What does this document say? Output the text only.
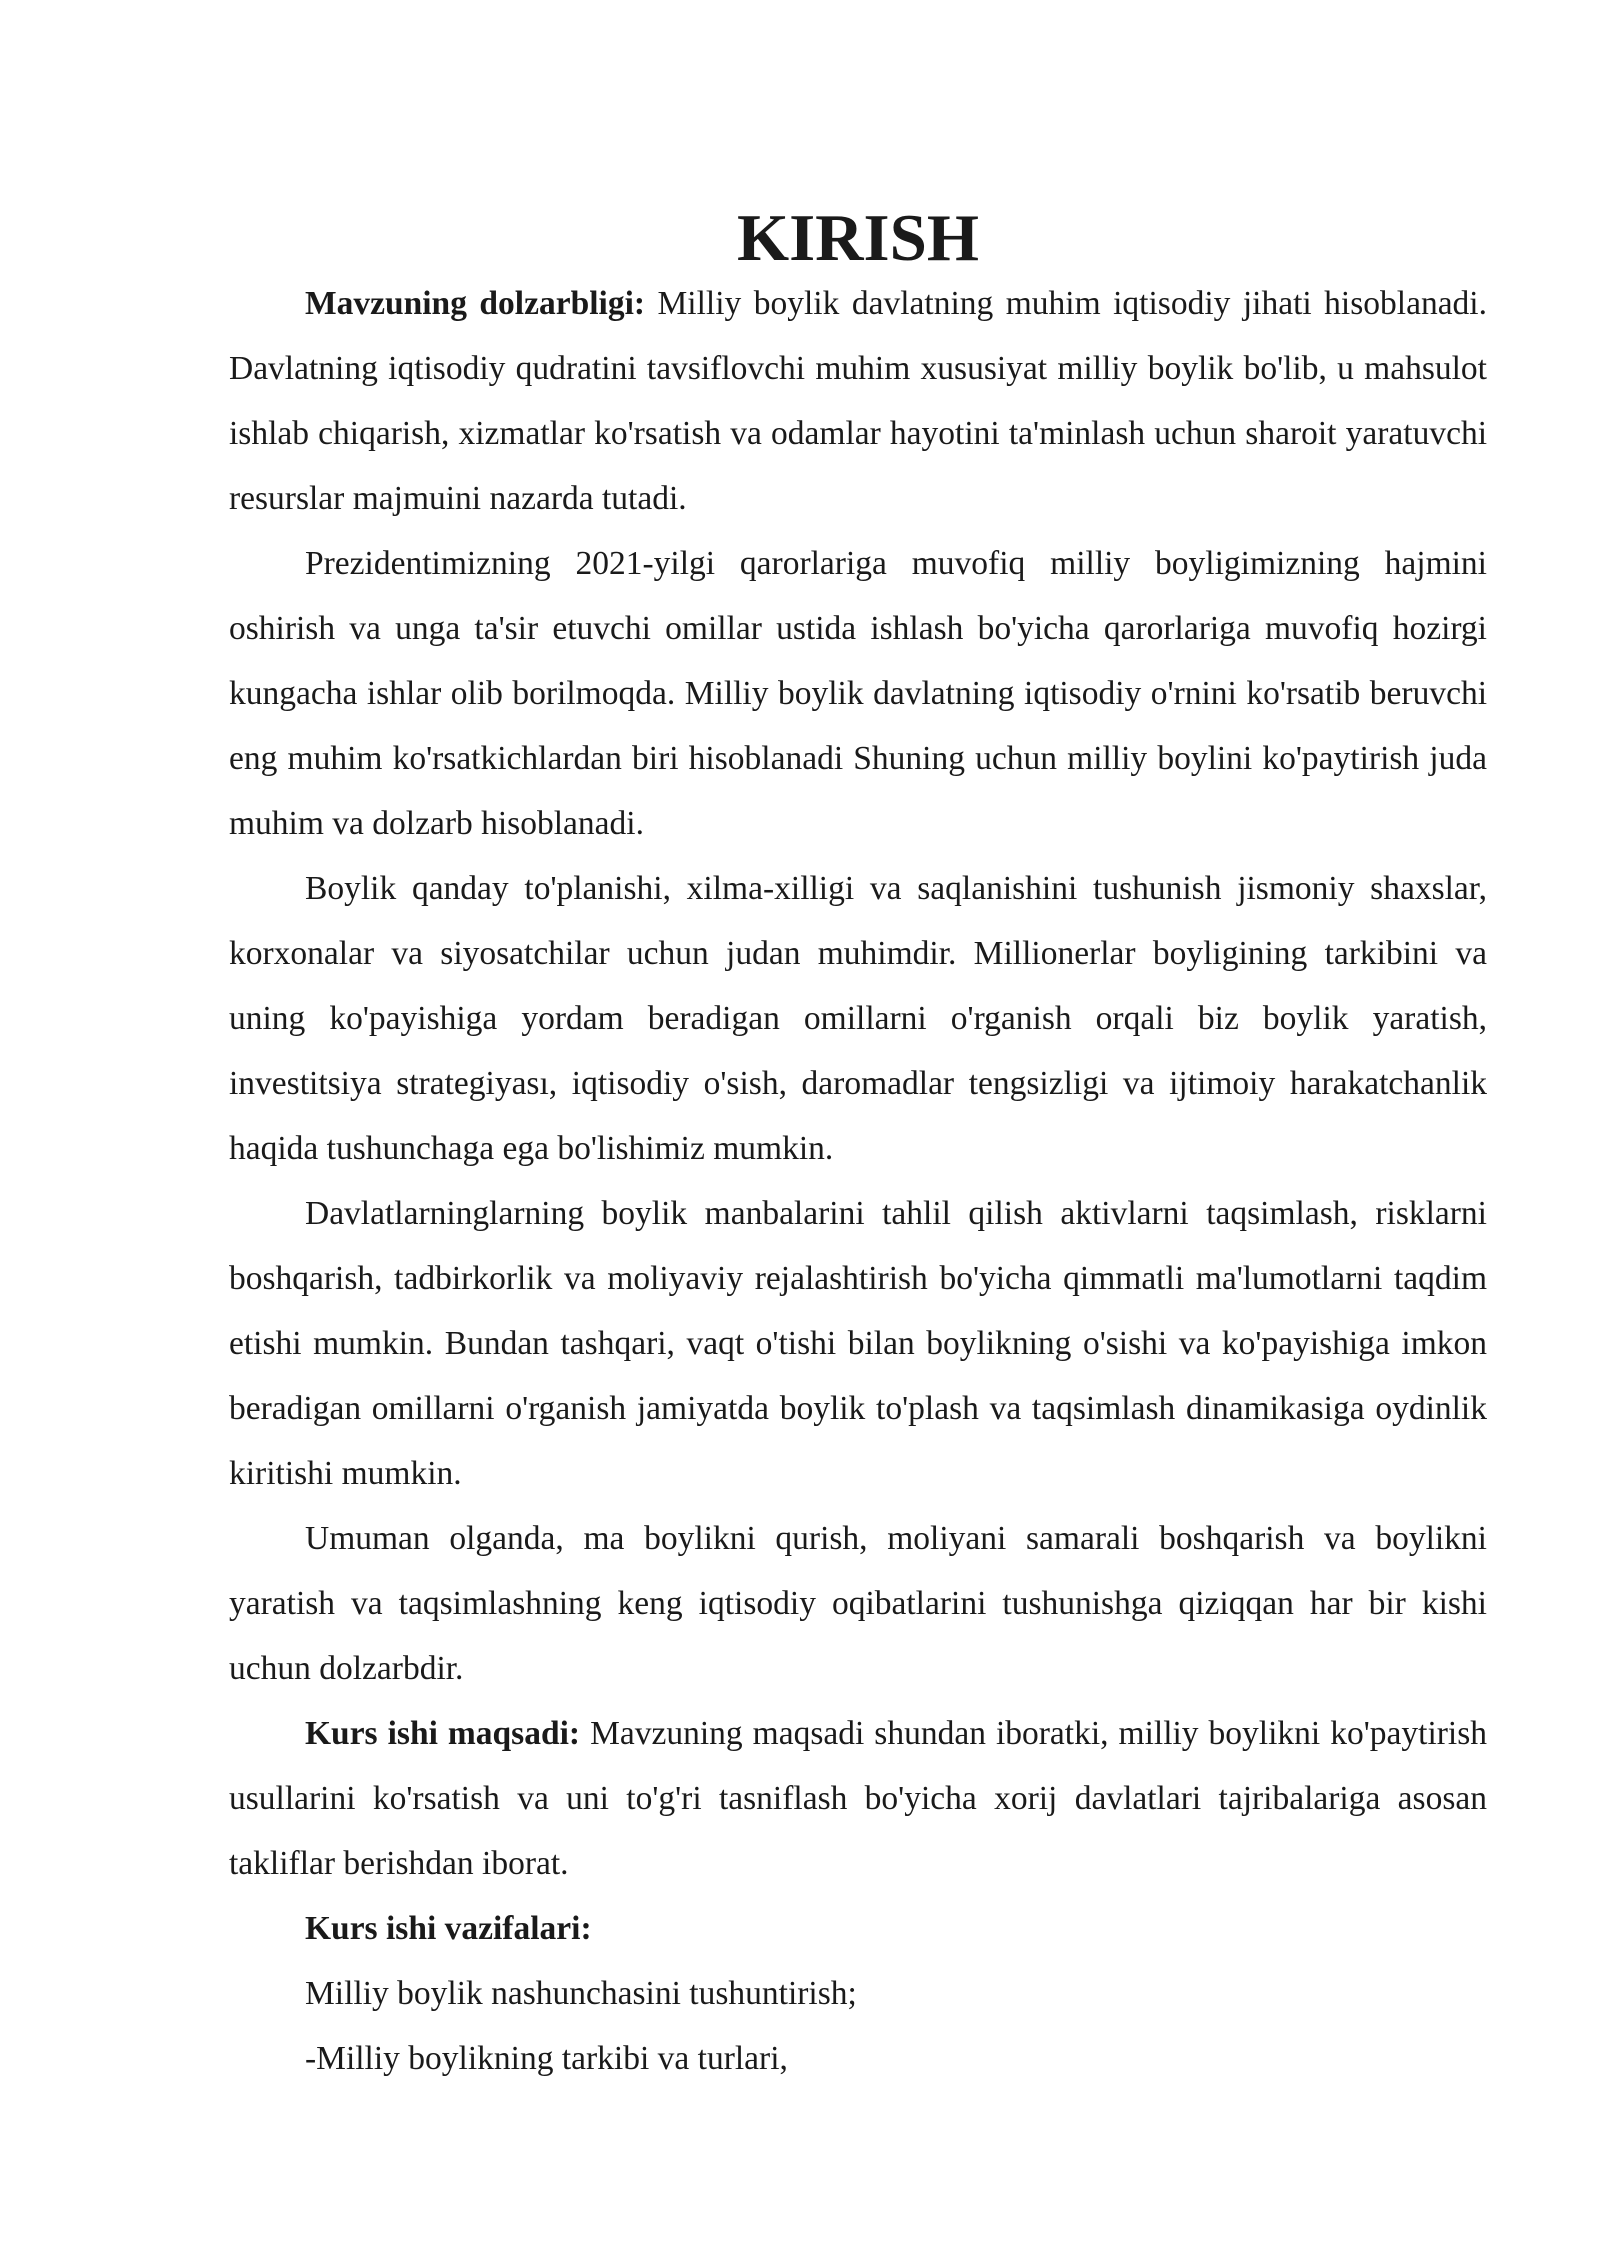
KIRISH

Mavzuning dolzarbligi: Milliy boylik davlatning muhim iqtisodiy jihati hisoblanadi. Davlatning iqtisodiy qudratini tavsiflovchi muhim xususiyat milliy boylik bo'lib, u mahsulot ishlab chiqarish, xizmatlar ko'rsatish va odamlar hayotini ta'minlash uchun sharoit yaratuvchi resurslar majmuini nazarda tutadi.

Prezidentimizning 2021-yilgi qarorlariga muvofiq milliy boyligimizning hajmini oshirish va unga ta'sir etuvchi omillar ustida ishlash bo'yicha qarorlariga muvofiq hozirgi kungacha ishlar olib borilmoqda. Milliy boylik davlatning iqtisodiy o'rnini ko'rsatib beruvchi eng muhim ko'rsatkichlardan biri hisoblanadi Shuning uchun milliy boylini ko'paytirish juda muhim va dolzarb hisoblanadi.

Boylik qanday to'planishi, xilma-xilligi va saqlanishini tushunish jismoniy shaxslar, korxonalar va siyosatchilar uchun judan muhimdir. Millionerlar boyligining tarkibini va uning ko'payishiga yordam beradigan omillarni o'rganish orqali biz boylik yaratish, investitsiya strategiyası, iqtisodiy o'sish, daromadlar tengsizligi va ijtimoiy harakatchanlik haqida tushunchaga ega bo'lishimiz mumkin.

Davlatlarninglarning boylik manbalarini tahlil qilish aktivlarni taqsimlash, risklarni boshqarish, tadbirkorlik va moliyaviy rejalashtirish bo'yicha qimmatli ma'lumotlarni taqdim etishi mumkin. Bundan tashqari, vaqt o'tishi bilan boylikning o'sishi va ko'payishiga imkon beradigan omillarni o'rganish jamiyatda boylik to'plash va taqsimlash dinamikasiga oydinlik kiritishi mumkin.

Umuman olganda, ma boylikni qurish, moliyani samarali boshqarish va boylikni yaratish va taqsimlashning keng iqtisodiy oqibatlarini tushunishga qiziqqan har bir kishi uchun dolzarbdir.

Kurs ishi maqsadi: Mavzuning maqsadi shundan iboratki, milliy boylikni ko'paytirish usullarini ko'rsatish va uni to'g'ri tasniflash bo'yicha xorij davlatlari tajribalariga asosan takliflar berishdan iborat.

Kurs ishi vazifalari:

Milliy boylik nashunchasini tushuntirish;

-Milliy boylikning tarkibi va turlari,
